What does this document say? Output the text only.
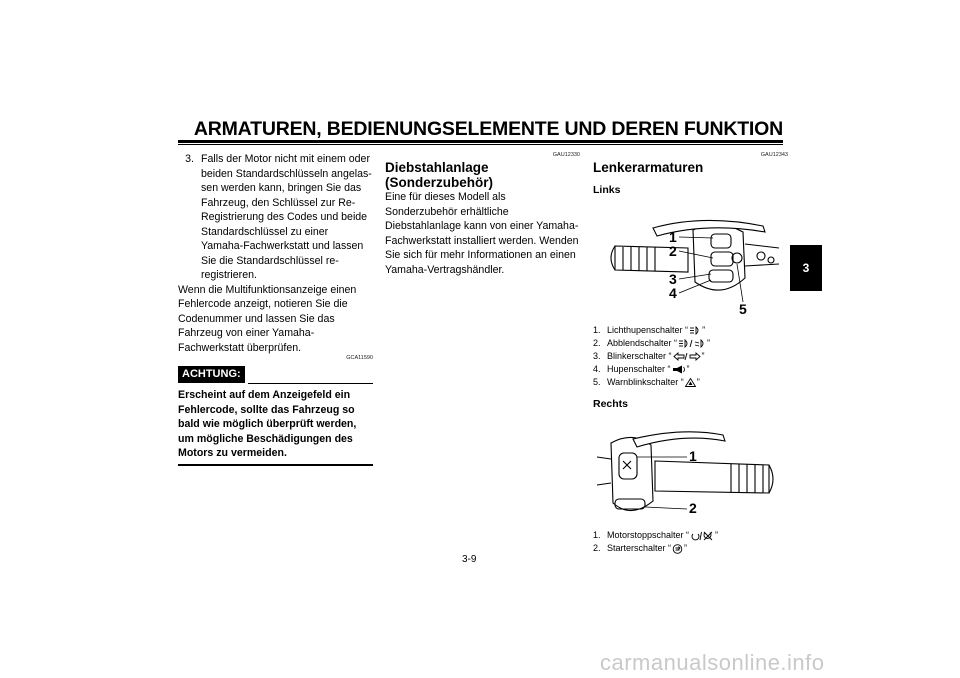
ARMATUREN, BEDIENUNGSELEMENTE UND DEREN FUNKTION
3
3. Falls der Motor nicht mit einem oder beiden Standardschlüsseln angelassen werden kann, bringen Sie das Fahrzeug, den Schlüssel zur Re-Registrierung des Codes und beide Standardschlüssel zu einer Yamaha-Fachwerkstatt und lassen Sie die Standardschlüssel re-registrieren.
Wenn die Multifunktionsanzeige einen Fehlercode anzeigt, notieren Sie die Codenummer und lassen Sie das Fahrzeug von einer Yamaha-Fachwerkstatt überprüfen.
GCA11590
ACHTUNG:
Erscheint auf dem Anzeigefeld ein Fehlercode, sollte das Fahrzeug so bald wie möglich überprüft werden, um mögliche Beschädigungen des Motors zu vermeiden.
GAU12330
Diebstahlanlage (Sonderzubehör)
Eine für dieses Modell als Sonderzubehör erhältliche Diebstahlanlage kann von einer Yamaha-Fachwerkstatt installiert werden. Wenden Sie sich für mehr Informationen an einen Yamaha-Vertragshändler.
GAU12343
Lenkerarmaturen
Links
1
2
3
4
5
1. Lichthupenschalter “ ”
2. Abblendschalter “	”
3. Blinkerschalter “	”
4. Hupenschalter “ ”
5. Warnblinkschalter “ ”
Rechts
1
2
1. Motorstoppschalter “	”
2. Starterschalter “ ”
3-9
carmanualsonline.info
